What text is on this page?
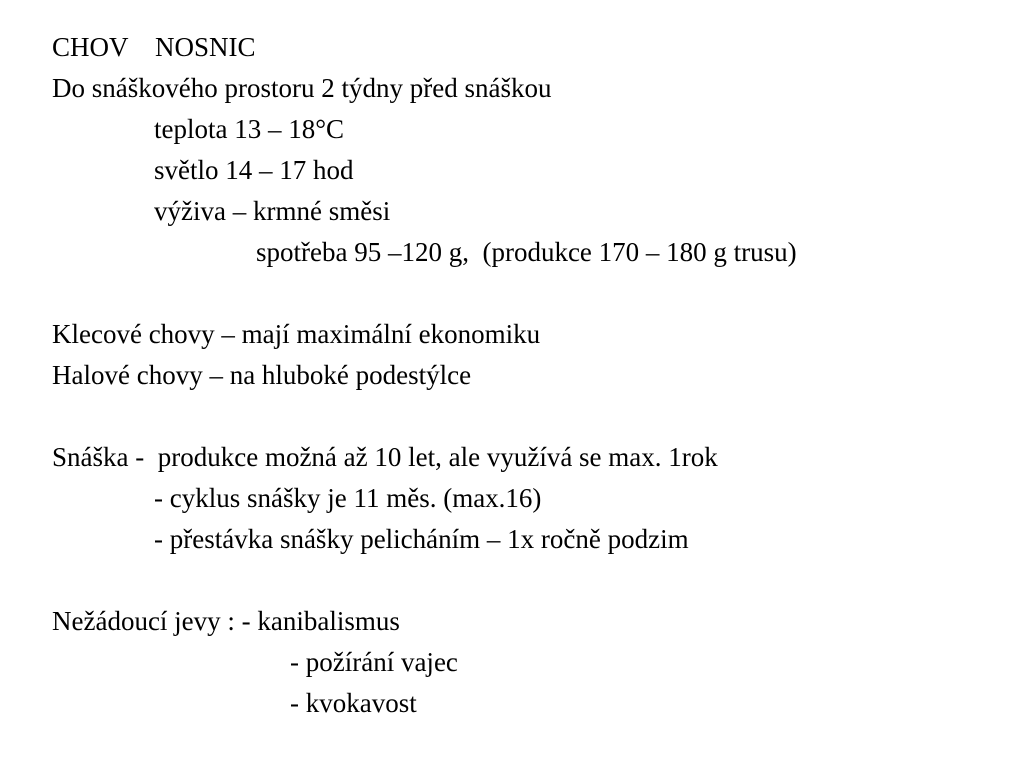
CHOV    NOSNIC
Do snáškového prostoru 2 týdny před snáškou
teplota 13 – 18°C
světlo 14 – 17 hod
výživa – krmné směsi
spotřeba 95 –120 g,  (produkce 170 – 180 g trusu)
Klecové chovy – mají maximální ekonomiku
Halové chovy – na hluboké podestýlce
Snáška -  produkce možná až 10 let, ale využívá se max. 1rok
- cyklus snášky je 11 měs. (max.16)
- přestávka snášky pelicháním – 1x ročně podzim
Nežádoucí jevy : - kanibalismus
- požírání vajec
- kvokavost
